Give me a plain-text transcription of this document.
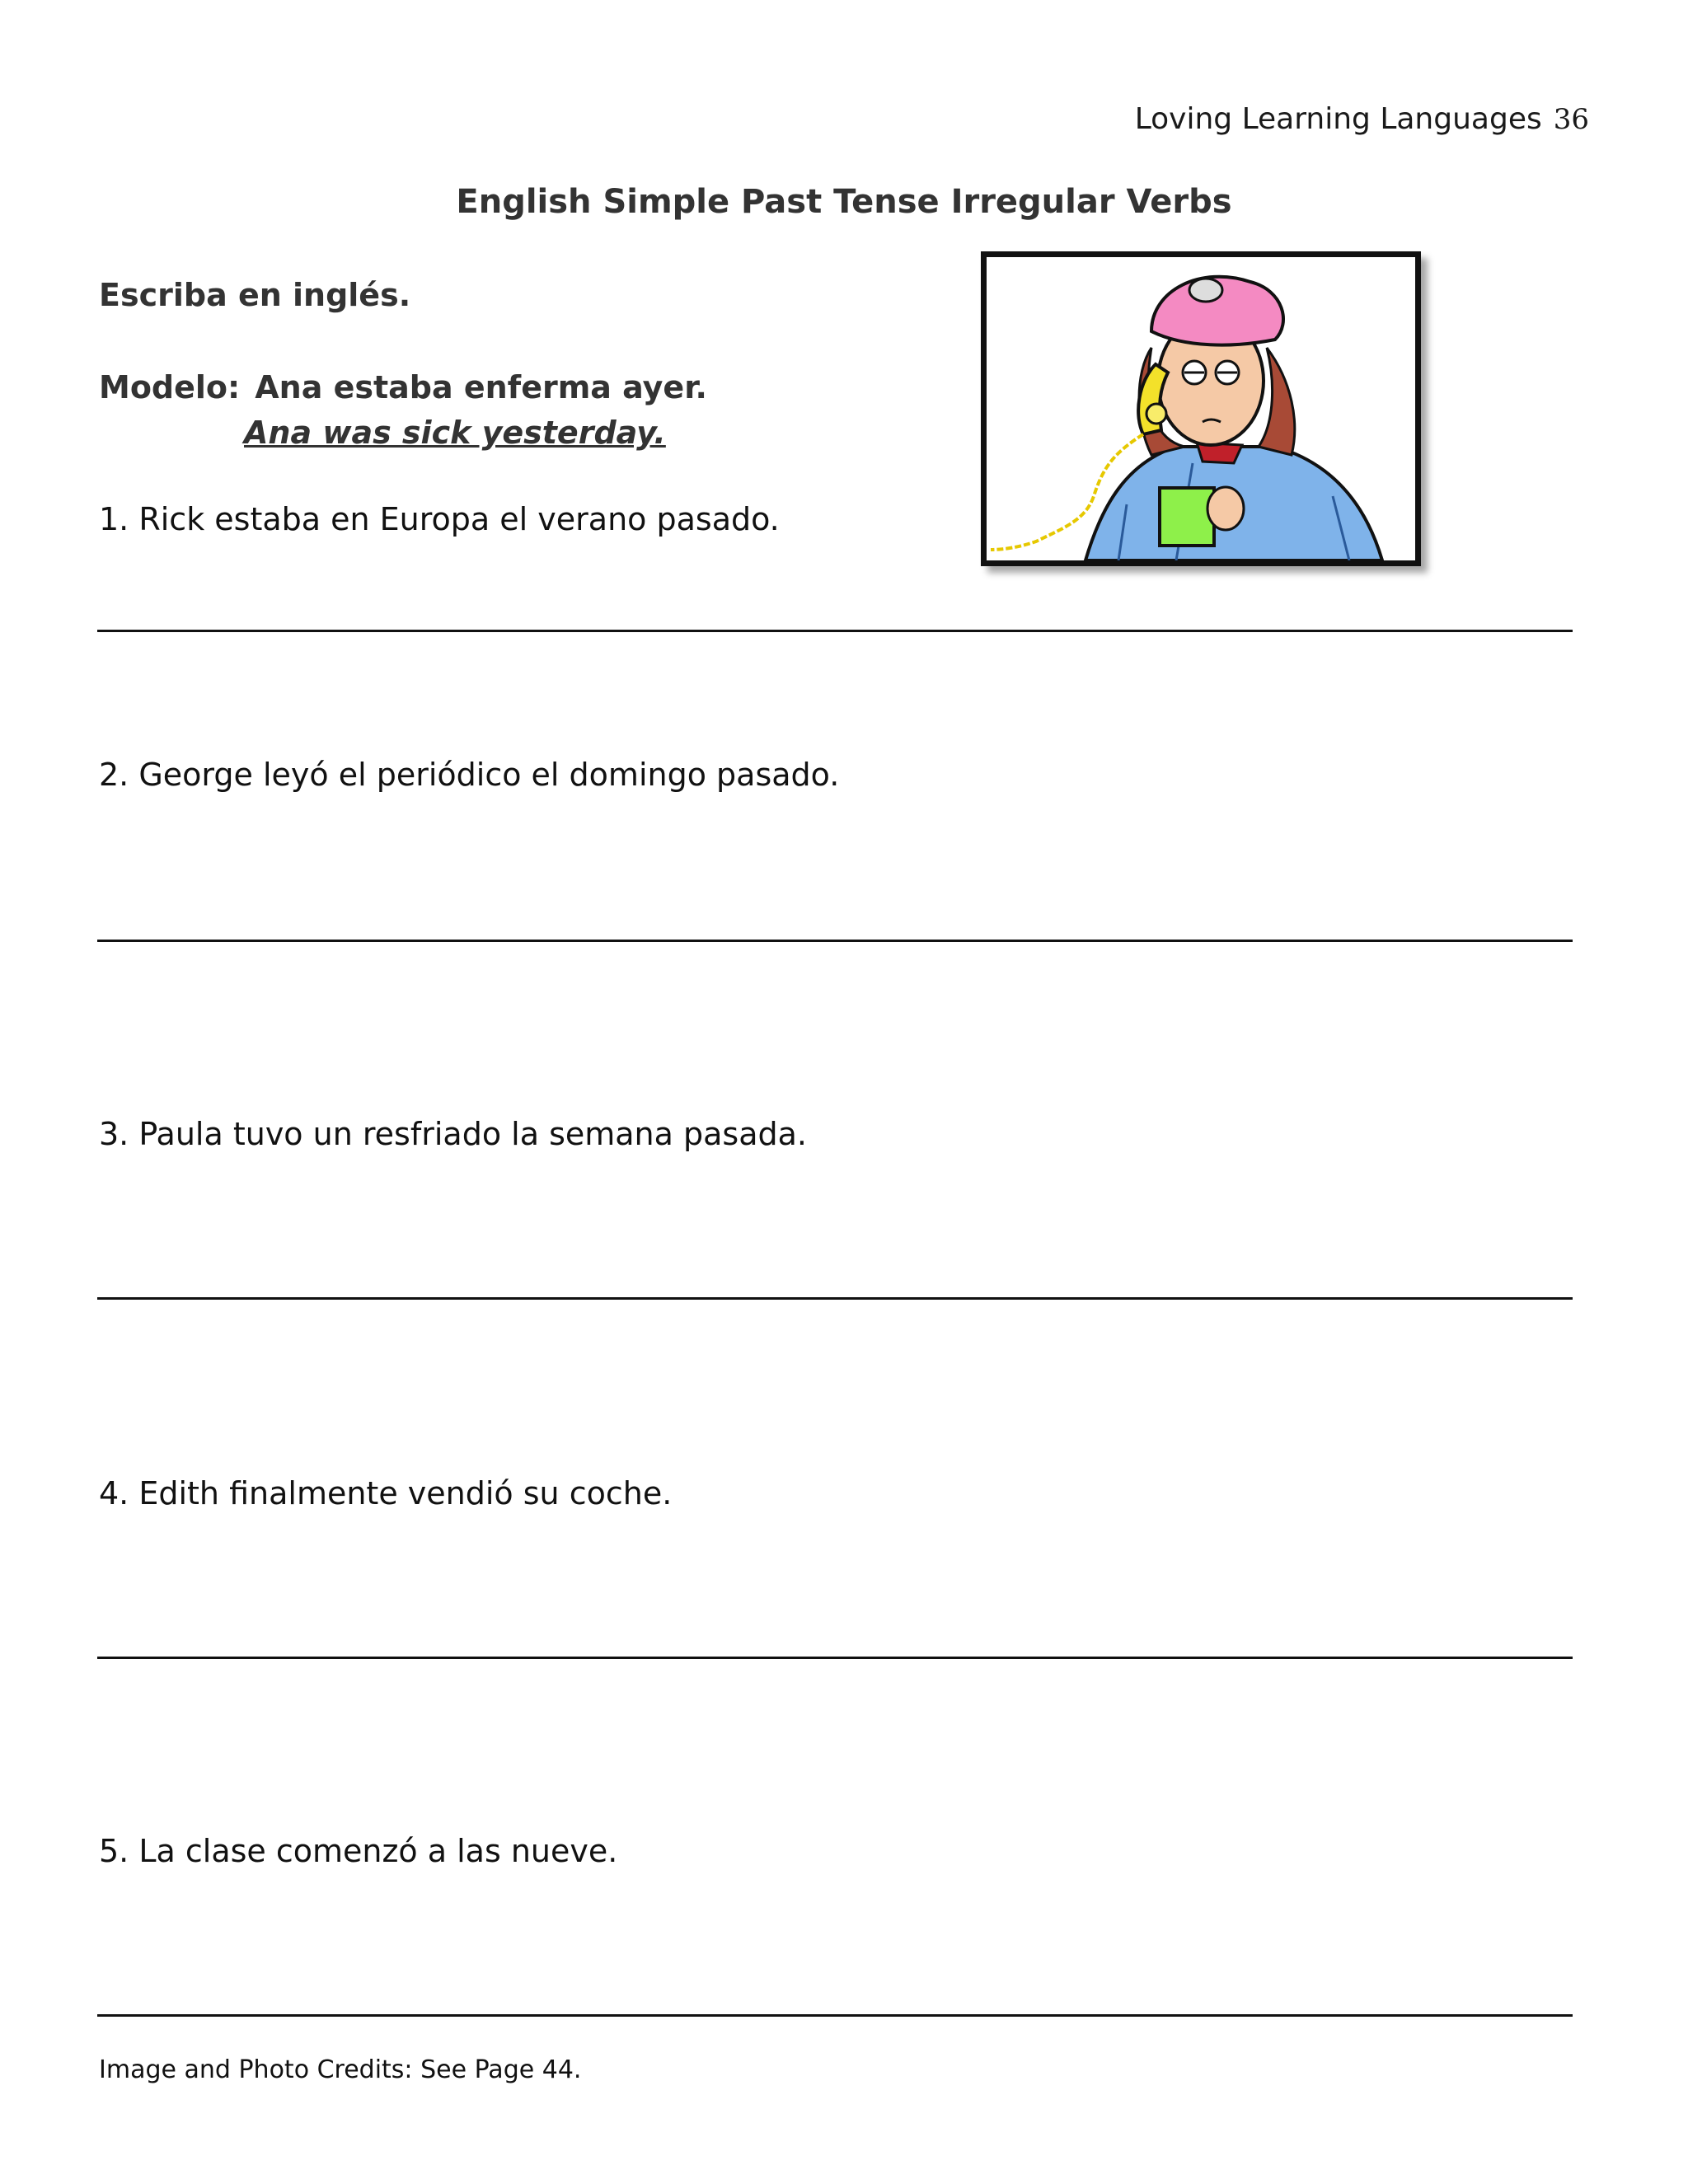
Loving Learning Languages 36
English Simple Past Tense Irregular Verbs
Escriba en inglés.
Modelo: Ana estaba enferma ayer.
Ana was sick yesterday.
1. Rick estaba en Europa el verano pasado.
2. George leyó el periódico el domingo pasado.
3. Paula tuvo un resfriado la semana pasada.
4. Edith finalmente vendió su coche.
5. La clase comenzó a las nueve.
Image and Photo Credits: See Page 44.
